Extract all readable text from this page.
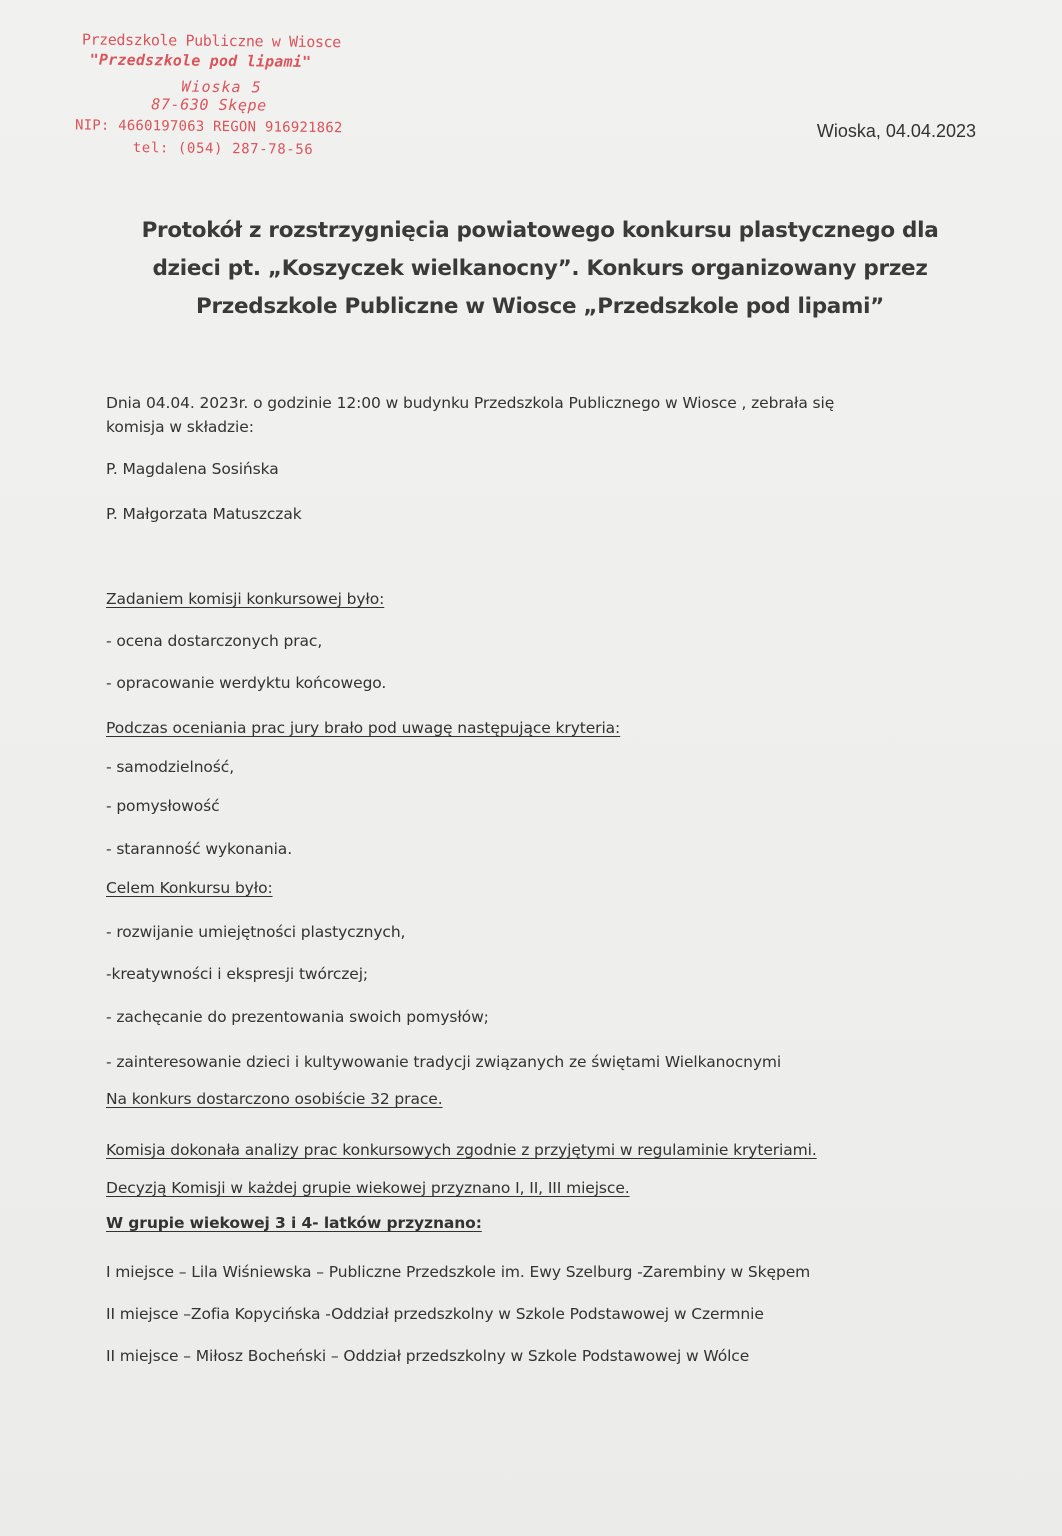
Przedszkole Publiczne w Wiosce
"Przedszkole pod lipami"
Wioska 5
87-630 Skępe
NIP: 4660197063 REGON 916921862
tel: (054) 287-78-56
Wioska, 04.04.2023
Protokół z rozstrzygnięcia powiatowego konkursu plastycznego dla
dzieci pt. „Koszyczek wielkanocny”. Konkurs organizowany przez
Przedszkole Publiczne w Wiosce „Przedszkole pod lipami”
Dnia 04.04. 2023r. o godzinie 12:00 w budynku Przedszkola Publicznego w Wiosce , zebrała się
komisja w składzie:
P. Magdalena Sosińska
P. Małgorzata Matuszczak
Zadaniem komisji konkursowej było:
- ocena dostarczonych prac,
- opracowanie werdyktu końcowego.
Podczas oceniania prac jury brało pod uwagę następujące kryteria:
- samodzielność,
- pomysłowość
- staranność wykonania.
Celem Konkursu było:
- rozwijanie umiejętności plastycznych,
-kreatywności i ekspresji twórczej;
- zachęcanie do prezentowania swoich pomysłów;
- zainteresowanie dzieci i kultywowanie tradycji związanych ze świętami Wielkanocnymi
Na konkurs dostarczono osobiście 32 prace.
Komisja dokonała analizy prac konkursowych zgodnie z przyjętymi w regulaminie kryteriami.
Decyzją Komisji w każdej grupie wiekowej przyznano I, II, III miejsce.
W grupie wiekowej 3 i 4- latków przyznano:
I miejsce – Lila Wiśniewska – Publiczne Przedszkole im. Ewy Szelburg -Zarembiny w Skępem
II miejsce –Zofia Kopycińska -Oddział przedszkolny w Szkole Podstawowej w Czermnie
II miejsce – Miłosz Bocheński – Oddział przedszkolny w Szkole Podstawowej w Wólce
